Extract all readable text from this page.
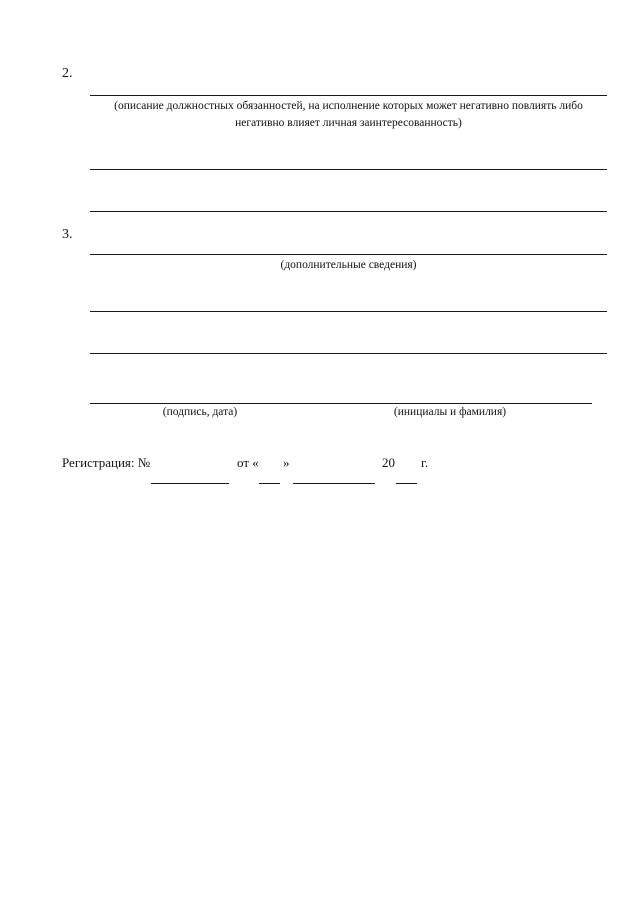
2.
(описание должностных обязанностей, на исполнение которых может негативно повлиять либо
негативно влияет личная заинтересованность)
3.
(дополнительные сведения)
(подпись, дата)	(инициалы и фамилия)
Регистрация: №	от « »	20 г.
